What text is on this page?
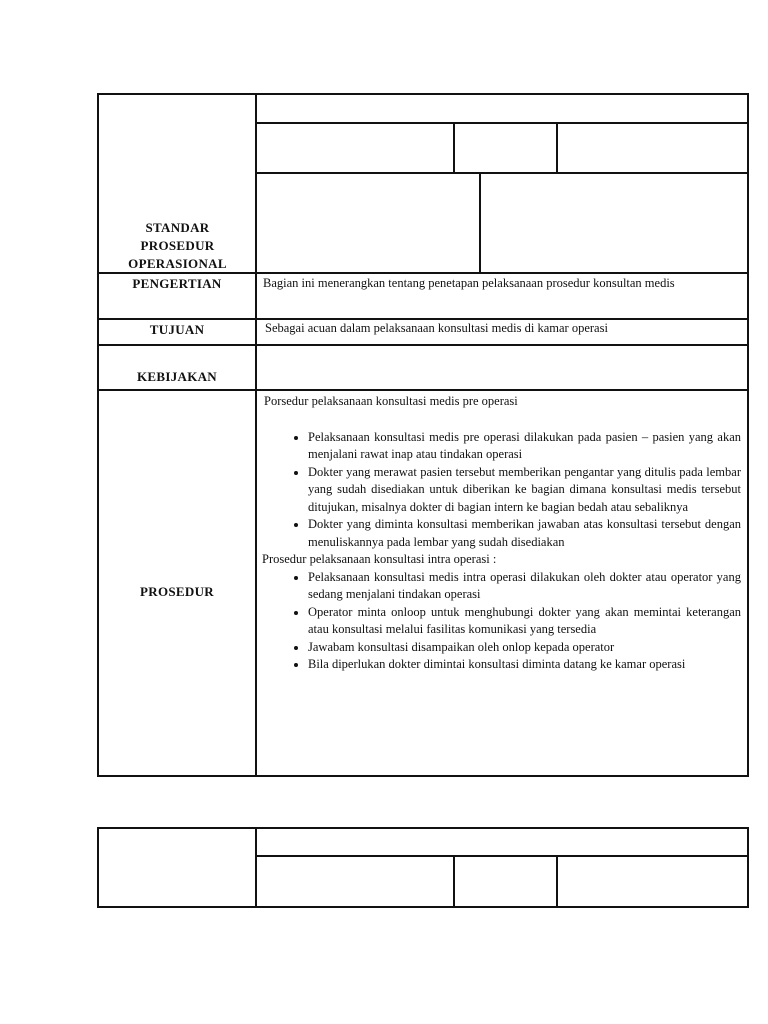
STANDAR PROSEDUR OPERASIONAL
PENGERTIAN	Bagian ini menerangkan tentang penetapan pelaksanaan prosedur konsultan medis
TUJUAN	Sebagai acuan dalam pelaksanaan konsultasi medis di kamar operasi
KEBIJAKAN
PROSEDUR

Porsedur pelaksanaan konsultasi medis pre operasi

• Pelaksanaan konsultasi medis pre operasi dilakukan pada pasien – pasien yang akan menjalani rawat inap atau tindakan operasi
• Dokter yang merawat pasien tersebut memberikan pengantar yang ditulis pada lembar yang sudah disediakan untuk diberikan ke bagian dimana konsultasi medis tersebut ditujukan, misalnya dokter di bagian intern ke bagian bedah atau sebaliknya
• Dokter yang diminta konsultasi memberikan jawaban atas konsultasi tersebut dengan menuliskannya pada lembar yang sudah disediakan

Prosedur pelaksanaan konsultasi intra operasi :

• Pelaksanaan konsultasi medis intra operasi dilakukan oleh dokter atau operator yang sedang menjalani tindakan operasi
• Operator minta onloop untuk menghubungi dokter yang akan memintai keterangan atau konsultasi melalui fasilitas komunikasi yang tersedia
• Jawabam konsultasi disampaikan oleh onlop kepada operator
• Bila diperlukan dokter dimintai konsultasi diminta datang ke kamar operasi
